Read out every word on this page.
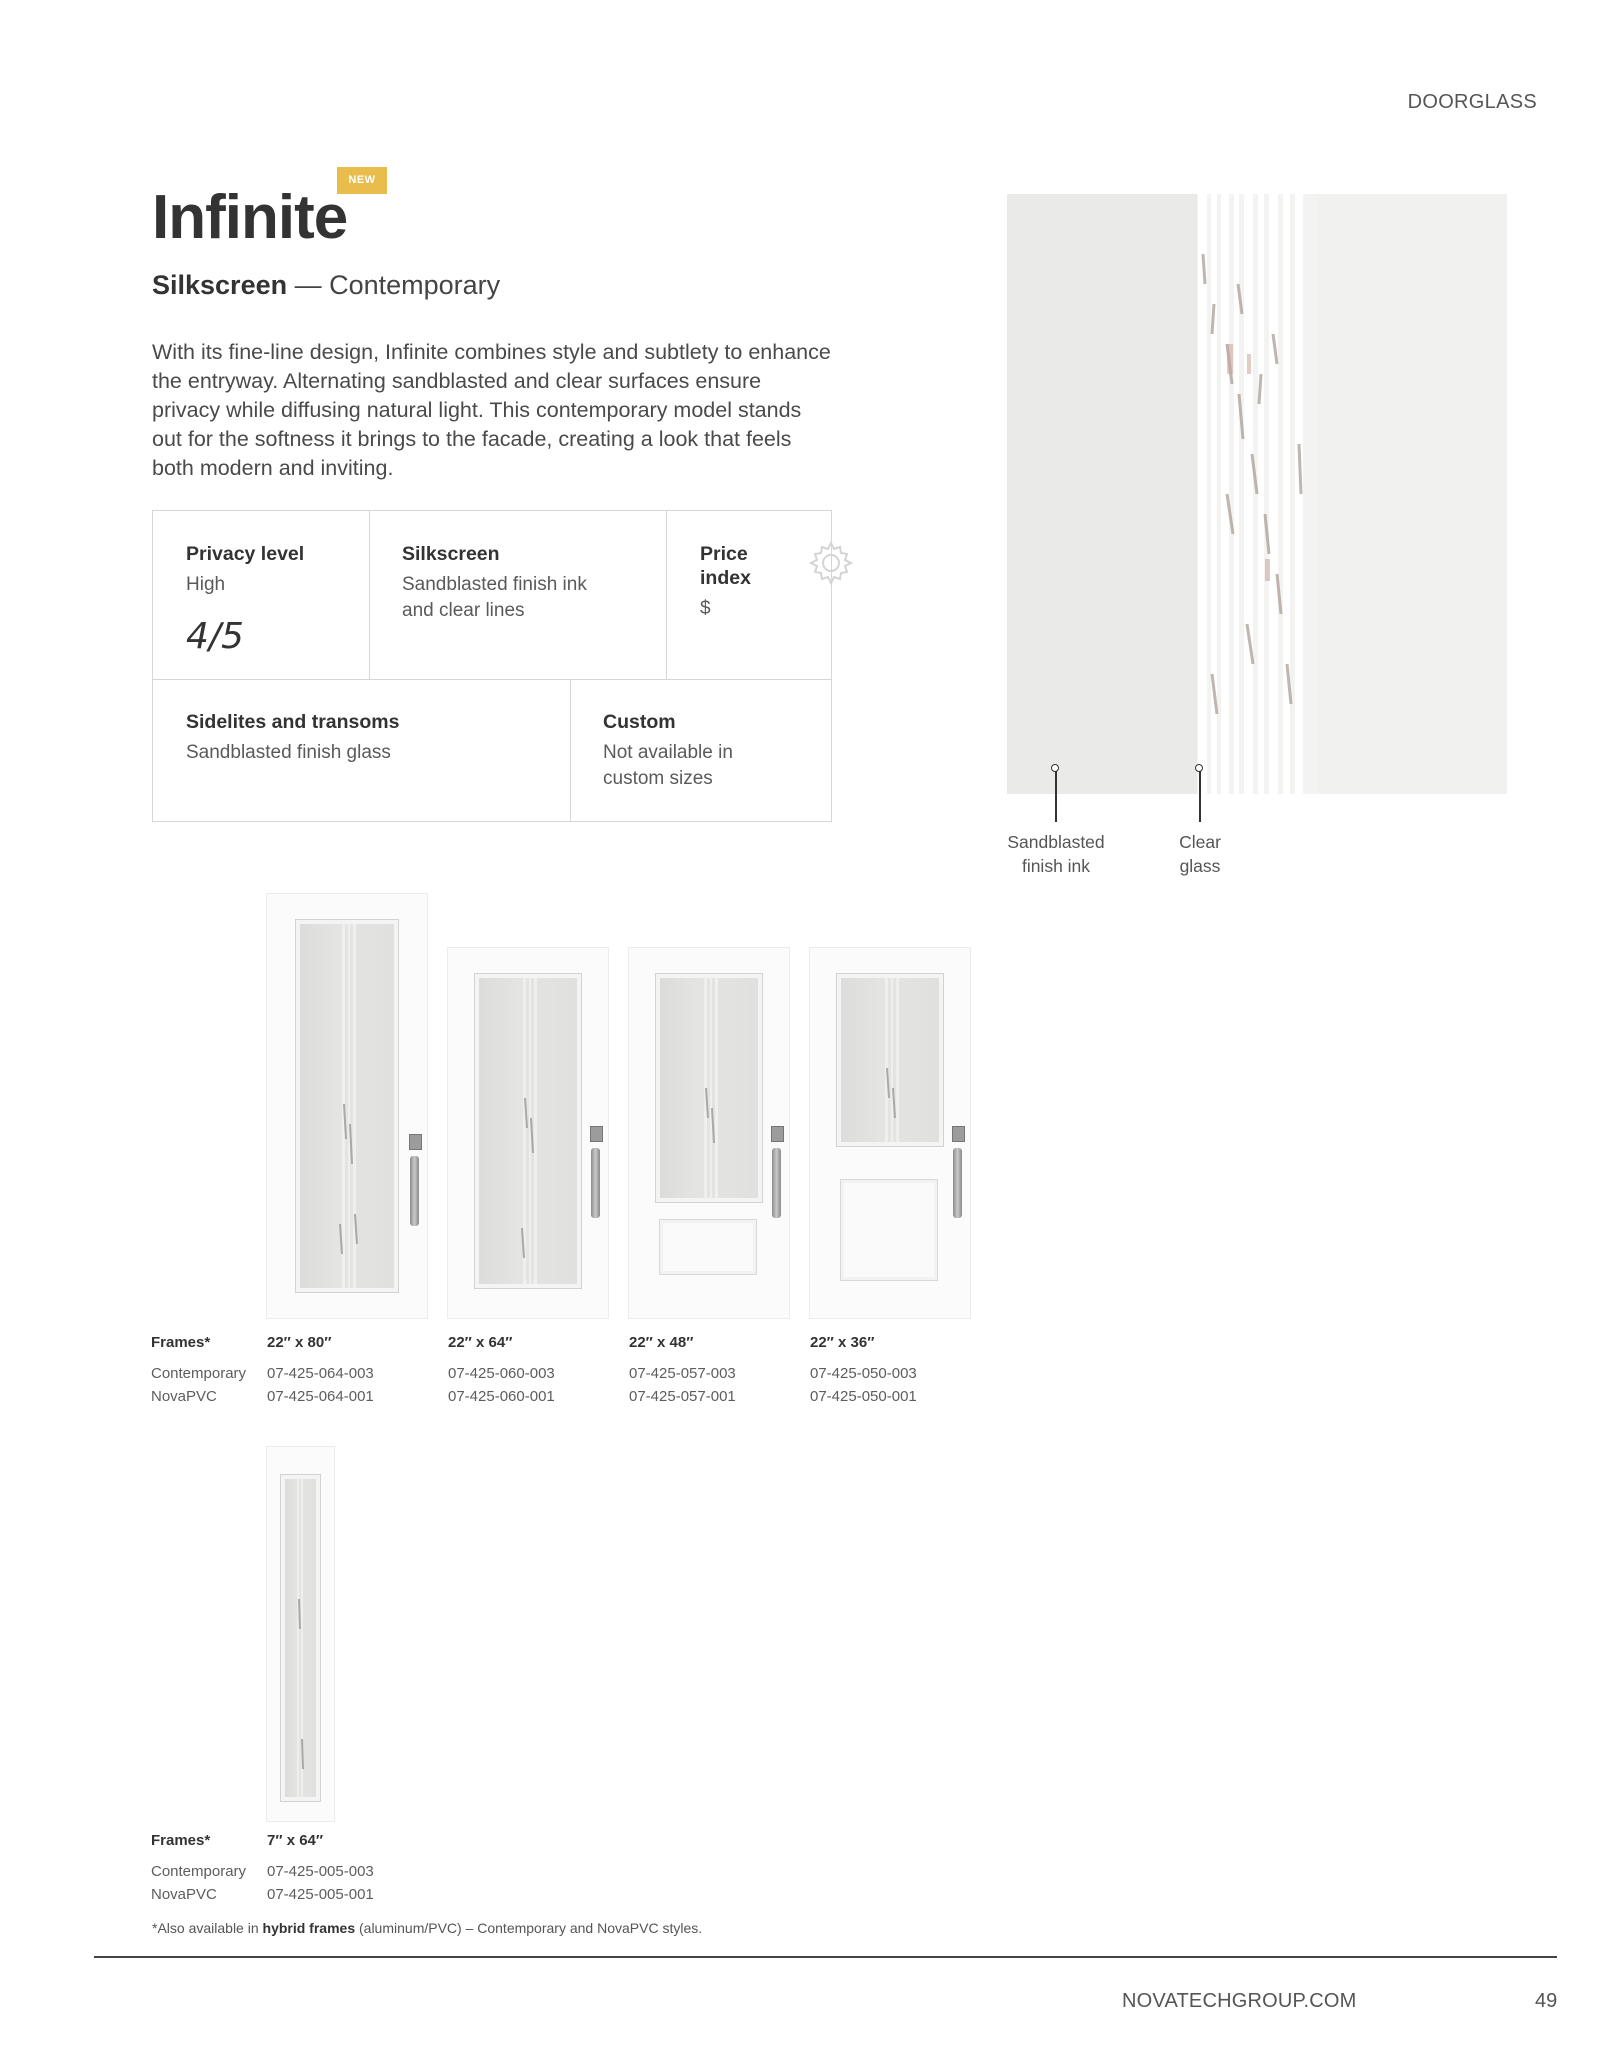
DOORGLASS
NEW
Infinite
Silkscreen — Contemporary
With its fine-line design, Infinite combines style and subtlety to enhance the entryway. Alternating sandblasted and clear surfaces ensure privacy while diffusing natural light. This contemporary model stands out for the softness it brings to the facade, creating a look that feels both modern and inviting.
Privacy level

High

4/5
Silkscreen

Sandblasted finish ink

and clear lines

Price
index

$

Sidelites and transoms

Sandblasted finish glass

Custom

Not available in

custom sizes

Sandblasted
finish ink
Clear
glass
Frames*	22″ x 80″	22″ x 64″	22″ x 48″	22″ x 36″
Contemporary 07-425-064-003	07-425-060-003	07-425-057-003	07-425-050-003
NovaPVC	07-425-064-001	07-425-060-001	07-425-057-001	07-425-050-001
Frames*	7″ x 64″
Contemporary 07-425-005-003
NovaPVC	07-425-005-001
*Also available in hybrid frames (aluminum/PVC) – Contemporary and NovaPVC styles.
NOVATECHGROUP.COM	49
